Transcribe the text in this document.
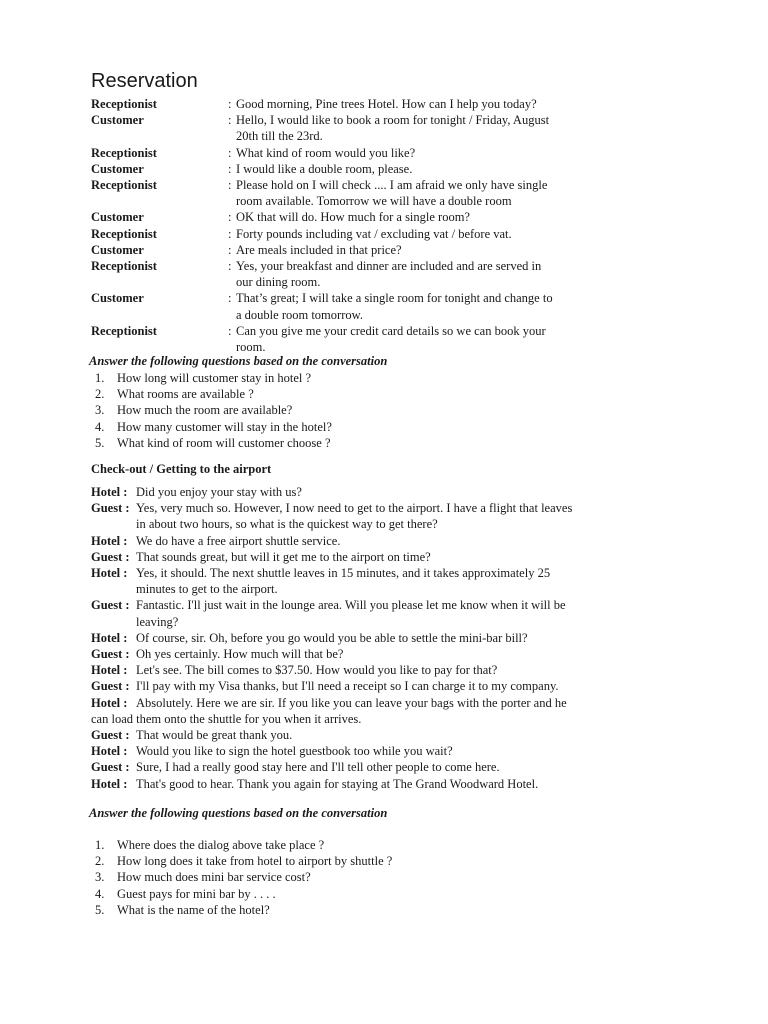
Reservation
Receptionist	: Good morning, Pine trees Hotel. How can I help you today?
Customer	: Hello, I would like to book a room for tonight / Friday, August
20th till the 23rd.
Receptionist	: What kind of room would you like?
Customer	: I would like a double room, please.
Receptionist	: Please hold on I will check .... I am afraid we only have single
room available. Tomorrow we will have a double room
Customer	: OK that will do. How much for a single room?
Receptionist	: Forty pounds including vat / excluding vat / before vat.
Customer	: Are meals included in that price?
Receptionist	: Yes, your breakfast and dinner are included and are served in
our dining room.
Customer	: That’s great; I will take a single room for tonight and change to
a double room tomorrow.
Receptionist	: Can you give me your credit card details so we can book your
room.
Answer the following questions based on the conversation
1.	How long will customer stay in hotel ?
2.	What rooms are available ?
3.	How much the room are available?
4.	How many customer will stay in the hotel?
5.	What kind of room will customer choose ?
Check-out / Getting to the airport
Hotel : Did you enjoy your stay with us?
Guest : Yes, very much so. However, I now need to get to the airport. I have a flight that leaves
in about two hours, so what is the quickest way to get there?
Hotel : We do have a free airport shuttle service.
Guest : That sounds great, but will it get me to the airport on time?
Hotel : Yes, it should. The next shuttle leaves in 15 minutes, and it takes approximately 25
minutes to get to the airport.
Guest : Fantastic. I'll just wait in the lounge area. Will you please let me know when it will be
leaving?
Hotel : Of course, sir. Oh, before you go would you be able to settle the mini-bar bill?
Guest : Oh yes certainly. How much will that be?
Hotel : Let's see. The bill comes to $37.50. How would you like to pay for that?
Guest : I'll pay with my Visa thanks, but I'll need a receipt so I can charge it to my company.
Hotel : Absolutely. Here we are sir. If you like you can leave your bags with the porter and he
can load them onto the shuttle for you when it arrives.
Guest : That would be great thank you.
Hotel : Would you like to sign the hotel guestbook too while you wait?
Guest : Sure, I had a really good stay here and I'll tell other people to come here.
Hotel : That's good to hear. Thank you again for staying at The Grand Woodward Hotel.
Answer the following questions based on the conversation
1.	Where does the dialog above take place ?
2.	How long does it take from hotel to airport by shuttle ?
3.	How much does mini bar service cost?
4.	Guest pays for mini bar by . . . .
5.	What is the name of the hotel?
